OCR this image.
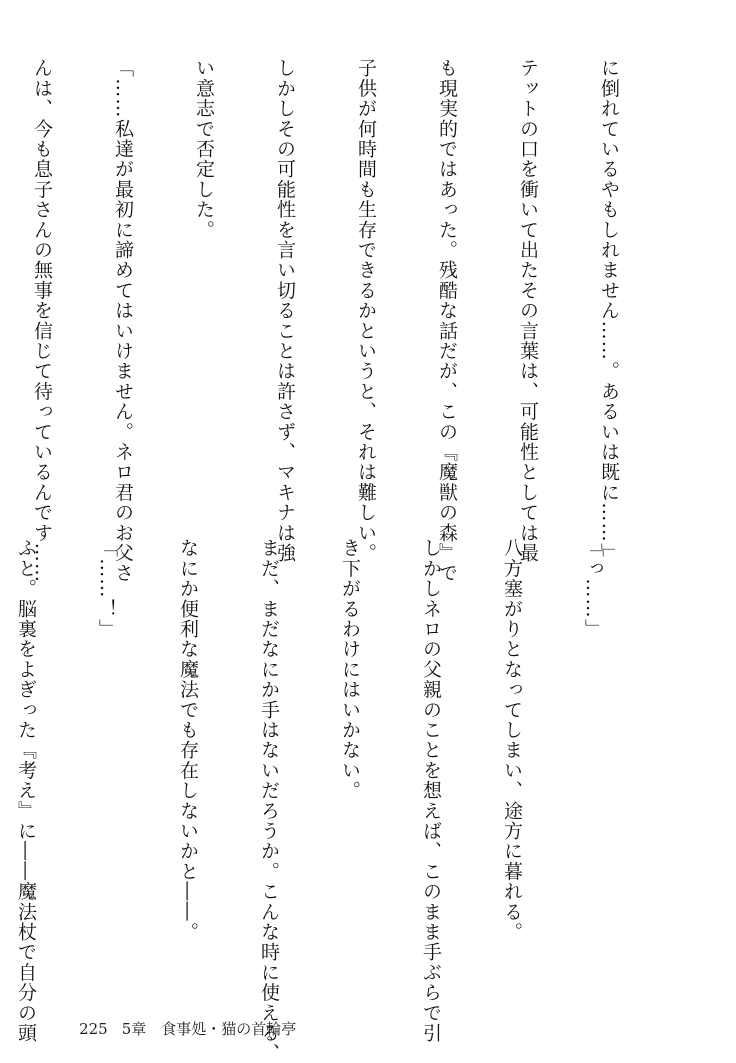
に倒れているやもしれません……。あるいは既に……」

テットの口を衝いて出たその言葉は、可能性としては最

も現実的ではあった。残酷な話だが、この『魔獣の森』で

子供が何時間も生存できるかというと、それは難しい。

しかしその可能性を言い切ることは許さず、マキナは強

い意志で否定した。

「……私達が最初に諦めてはいけません。ネロ君のお父さ

んは、今も息子さんの無事を信じて待っているんです……

「っ……」

八方塞がりとなってしまい、途方に暮れる。

しかしネロの父親のことを想えば、このまま手ぶらで引

き下がるわけにはいかない。

まだ、まだなにか手はないだろうか。こんな時に使える、

なにか便利な魔法でも存在しないかと――。

「……！」

ふと。脳裏をよぎった『考え』に――魔法杖で自分の頭

	225 5章　食事処・猫の首輪亭
